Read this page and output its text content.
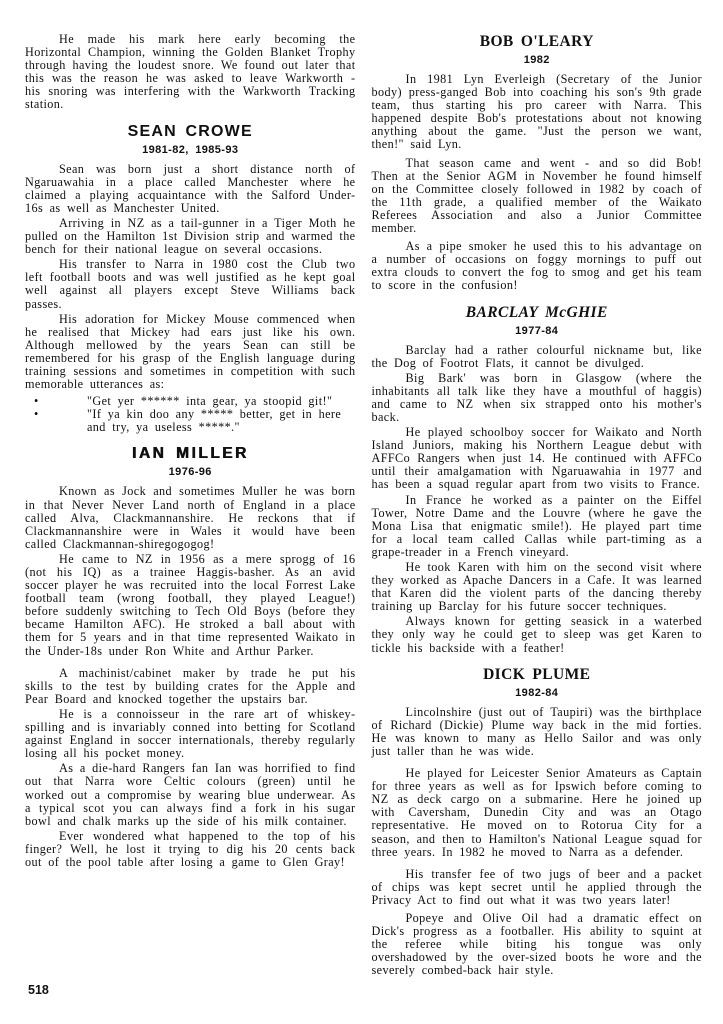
He made his mark here early becoming the Horizontal Champion, winning the Golden Blanket Trophy through having the loudest snore. We found out later that this was the reason he was asked to leave Warkworth - his snoring was interfering with the Warkworth Tracking station.

SEAN CROWE
1981-82, 1985-93

Sean was born just a short distance north of Ngaruawahia in a place called Manchester where he claimed a playing acquaintance with the Salford Under-16s as well as Manchester United.

Arriving in NZ as a tail-gunner in a Tiger Moth he pulled on the Hamilton 1st Division strip and warmed the bench for their national league on several occasions.

His transfer to Narra in 1980 cost the Club two left football boots and was well justified as he kept goal well against all players except Steve Williams back passes.

His adoration for Mickey Mouse commenced when he realised that Mickey had ears just like his own. Although mellowed by the years Sean can still be remembered for his grasp of the English language during training sessions and sometimes in competition with such memorable utterances as:

•	"Get yer ****** inta gear, ya stoopid git!"
•	"If ya kin doo any ***** better, get in here and try, ya useless *****."
IAN MILLER
1976-96

Known as Jock and sometimes Muller he was born in that Never Never Land north of England in a place called Alva, Clackmannanshire. He reckons that if Clackmannanshire were in Wales it would have been called Clackmannan-shiregogogog!

He came to NZ in 1956 as a mere sprogg of 16 (not his IQ) as a trainee Haggis-basher. As an avid soccer player he was recruited into the local Forrest Lake football team (wrong football, they played League!) before suddenly switching to Tech Old Boys (before they became Hamilton AFC). He stroked a ball about with them for 5 years and in that time represented Waikato in the Under-18s under Ron White and Arthur Parker.

A machinist/cabinet maker by trade he put his skills to the test by building crates for the Apple and Pear Board and knocked together the upstairs bar.

He is a connoisseur in the rare art of whiskey-spilling and is invariably conned into betting for Scotland against England in soccer internationals, thereby regularly losing all his pocket money.

As a die-hard Rangers fan Ian was horrified to find out that Narra wore Celtic colours (green) until he worked out a compromise by wearing blue underwear. As a typical scot you can always find a fork in his sugar bowl and chalk marks up the side of his milk container.

Ever wondered what happened to the top of his finger? Well, he lost it trying to dig his 20 cents back out of the pool table after losing a game to Glen Gray!

BOB O'LEARY
1982

In 1981 Lyn Everleigh (Secretary of the Junior body) press-ganged Bob into coaching his son's 9th grade team, thus starting his pro career with Narra. This happened despite Bob's protestations about not knowing anything about the game. "Just the person we want, then!" said Lyn.

That season came and went - and so did Bob! Then at the Senior AGM in November he found himself on the Committee closely followed in 1982 by coach of the 11th grade, a qualified member of the Waikato Referees Association and also a Junior Committee member.

As a pipe smoker he used this to his advantage on a number of occasions on foggy mornings to puff out extra clouds to convert the fog to smog and get his team to score in the confusion!

BARCLAY McGHIE
1977-84

Barclay had a rather colourful nickname but, like the Dog of Footrot Flats, it cannot be divulged.

Big Bark' was born in Glasgow (where the inhabitants all talk like they have a mouthful of haggis) and came to NZ when six strapped onto his mother's back.

He played schoolboy soccer for Waikato and North Island Juniors, making his Northern League debut with AFFCo Rangers when just 14. He continued with AFFCo until their amalgamation with Ngaruawahia in 1977 and has been a squad regular apart from two visits to France.

In France he worked as a painter on the Eiffel Tower, Notre Dame and the Louvre (where he gave the Mona Lisa that enigmatic smile!). He played part time for a local team called Callas while part-timing as a grape-treader in a French vineyard.

He took Karen with him on the second visit where they worked as Apache Dancers in a Cafe. It was learned that Karen did the violent parts of the dancing thereby training up Barclay for his future soccer techniques.

Always known for getting seasick in a waterbed they only way he could get to sleep was get Karen to tickle his backside with a feather!

DICK PLUME
1982-84

Lincolnshire (just out of Taupiri) was the birthplace of Richard (Dickie) Plume way back in the mid forties. He was known to many as Hello Sailor and was only just taller than he was wide.

He played for Leicester Senior Amateurs as Captain for three years as well as for Ipswich before coming to NZ as deck cargo on a submarine. Here he joined up with Caversham, Dunedin City and was an Otago representative. He moved on to Rotorua City for a season, and then to Hamilton's National League squad for three years. In 1982 he moved to Narra as a defender.

His transfer fee of two jugs of beer and a packet of chips was kept secret until he applied through the Privacy Act to find out what it was two years later!

Popeye and Olive Oil had a dramatic effect on Dick's progress as a footballer. His ability to squint at the referee while biting his tongue was only overshadowed by the over-sized boots he wore and the severely combed-back hair style.

518
